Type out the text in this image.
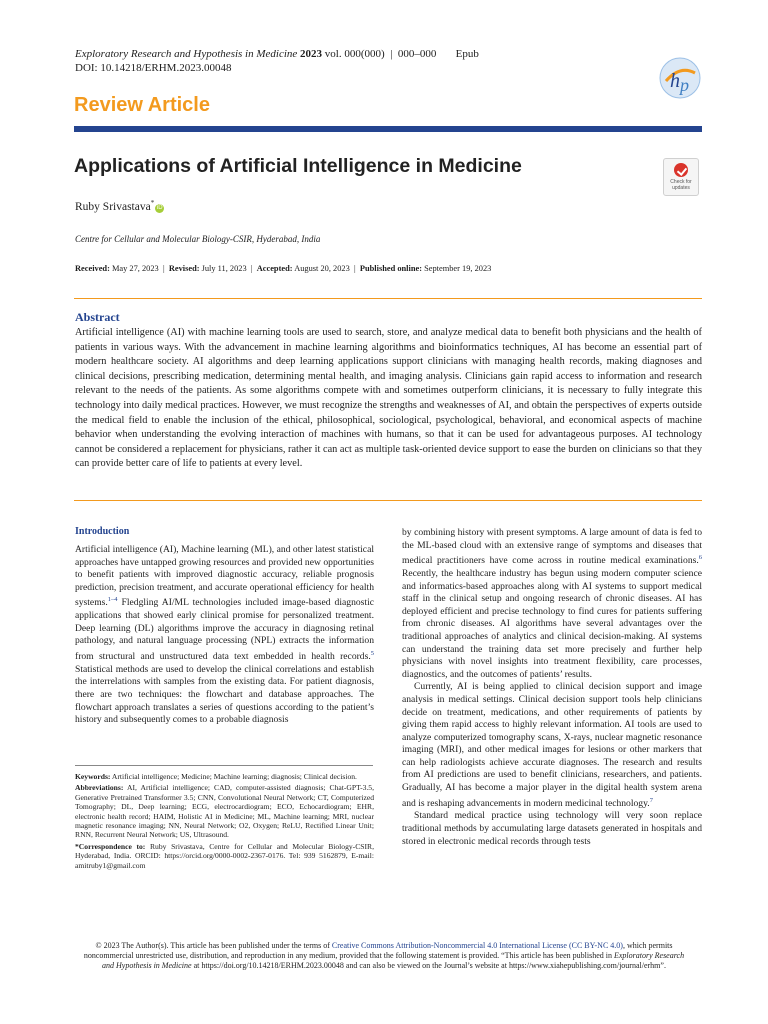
Exploratory Research and Hypothesis in Medicine 2023 vol. 000(000)  |  000–000 Epub
DOI: 10.14218/ERHM.2023.00048
h p
Review Article
Applications of Artificial Intelligence in Medicine
Check for updates
Ruby Srivastava*iD
Centre for Cellular and Molecular Biology-CSIR, Hyderabad, India
Received: May 27, 2023  |  Revised: July 11, 2023  |  Accepted: August 20, 2023  |  Published online: September 19, 2023
Abstract
Artificial intelligence (AI) with machine learning tools are used to search, store, and analyze medical data to benefit both physicians and the health of patients in various ways. With the advancement in machine learning algorithms and bioinformatics techniques, AI has become an essential part of modern healthcare society. AI algorithms and deep learning applications support clinicians with managing health records, making diagnoses and clinical decisions, prescribing medication, determining mental health, and imaging analysis. Clinicians gain rapid access to information and research relevant to the needs of the patients. As some algorithms compete with and sometimes outperform clinicians, it is necessary to fully integrate this technology into daily medical practices. However, we must recognize the strengths and weaknesses of AI, and obtain the perspectives of experts outside the medical field to enable the inclusion of the ethical, philosophical, sociological, psychological, behavioral, and economical aspects of machine behavior when understanding the evolving interaction of machines with humans, so that it can be used for advantageous purposes. AI technology cannot be considered a replacement for physicians, rather it can act as multiple task-oriented device support to ease the burden on clinicians so that they can provide better care of life to patients at every level.
Introduction

Artificial intelligence (AI), Machine learning (ML), and other latest statistical approaches have untapped growing resources and provided new opportunities to benefit patients with improved diagnostic accuracy, reliable prognosis prediction, precision treatment, and accurate operational efficiency for health systems.$^{1-4}$ Fledgling AI/ML technologies included image-based diagnostic applications that showed early clinical promise for personalized treatment. Deep learning (DL) algorithms improve the accuracy in diagnosing retinal pathology, and natural language processing (NPL) extracts the information from structural and unstructured data text embedded in health records.$^5$ Statistical methods are used to develop the clinical correlations and establish the interrelations with samples from the existing data. For patient diagnosis, there are two techniques: the flowchart and database approaches. The flowchart approach translates a series of questions according to the patient’s history and subsequently comes to a probable diagnosis

Keywords: Artificial intelligence; Medicine; Machine learning; diagnosis; Clinical decision.

Abbreviations: AI, Artificial intelligence; CAD, computer-assisted diagnosis; Chat-GPT-3.5, Generative Pretrained Transformer 3.5; CNN, Convolutional Neural Network; CT, Computerized Tomography; DL, Deep learning; ECG, electrocardiogram; ECO, Echocardiogram; EHR, electronic health record; HAIM, Holistic AI in Medicine; ML, Machine learning; MRI, nuclear magnetic resonance imaging; NN, Neural Network; O2, Oxygen; ReLU, Rectified Linear Unit; RNN, Recurrent Neural Network; US, Ultrasound.

*Correspondence to: Ruby Srivastava, Centre for Cellular and Molecular Biology-CSIR, Hyderabad, India. ORCID: https://orcid.org/0000-0002-2367-0176. Tel: 939 5162879, E-mail: amitruby1@gmail.com

by combining history with present symptoms. A large amount of data is fed to the ML-based cloud with an extensive range of symptoms and diseases that medical practitioners have come across in routine medical examinations.$^6$ Recently, the healthcare industry has begun using modern computer science and informatics-based approaches along with AI systems to support medical staff in the clinical setup and ongoing research of chronic diseases. AI has deployed efficient and precise technology to find cures for patients suffering from chronic diseases. AI algorithms have several advantages over the traditional approaches of analytics and clinical decision-making. AI systems can understand the training data set more precisely and further help physicians with novel insights into treatment flexibility, care processes, diagnostics, and the outcomes of patients’ results.

Currently, AI is being applied to clinical decision support and image analysis in medical settings. Clinical decision support tools help clinicians decide on treatment, medications, and other requirements of patients by giving them rapid access to highly relevant information. AI tools are used to analyze computerized tomography scans, X-rays, nuclear magnetic resonance imaging (MRI), and other medical images for lesions or other markers that can help radiologists achieve accurate diagnoses. The research and results from AI predictions are used to benefit clinicians, researchers, and patients. Gradually, AI has become a major player in the digital health system arena and is reshaping advancements in modern medicinal technology.$^7$

Standard medical practice using technology will very soon replace traditional methods by accumulating large datasets generated in hospitals and stored in electronic medical records through tests

© 2023 The Author(s). This article has been published under the terms of Creative Commons Attribution-Noncommercial 4.0 International License (CC BY-NC 4.0), which permits noncommercial unrestricted use, distribution, and reproduction in any medium, provided that the following statement is provided. “This article has been published in Exploratory Research and Hypothesis in Medicine at https://doi.org/10.14218/ERHM.2023.00048 and can also be viewed on the Journal’s website at https://www.xiahepublishing.com/journal/erhm”.
